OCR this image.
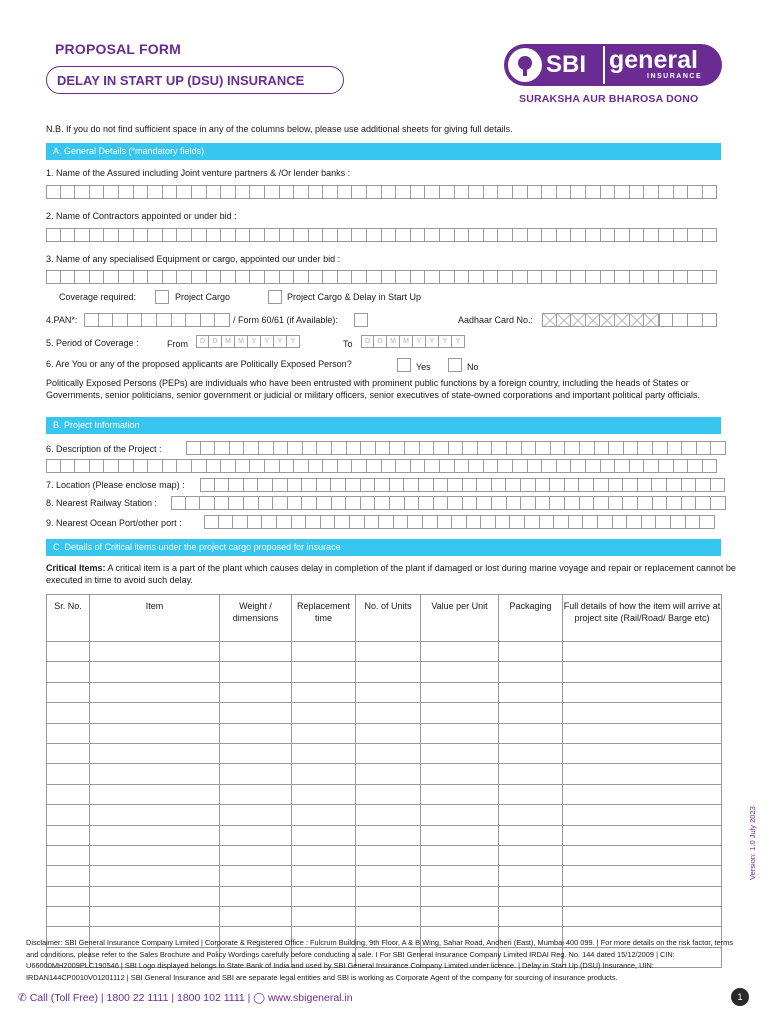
PROPOSAL FORM
DELAY IN START UP (DSU) INSURANCE
SBI general
INSURANCE
SURAKSHA AUR BHAROSA DONO
N.B. If you do not find sufficient space in any of the columns below, please use additional sheets for giving full details.
A. General Details (*mandatory fields)
1. Name of the Assured including Joint venture partners & /Or lender banks :
2. Name of Contractors appointed or under bid :
3. Name of any specialised Equipment or cargo, appointed our under bid :
Coverage required:	Project Cargo	Project Cargo & Delay in Start Up
4.PAN*:	/ Form 60/61 (if Available):	Aadhaar Card No.:
5. Period of Coverage :	From	D	D	M	M	Y	Y	Y	Y	To	D	D	M	M	Y	Y	Y	Y
6. Are You or any of the proposed applicants are Politically Exposed Person?	Yes	No
Politically Exposed Persons (PEPs) are individuals who have been entrusted with prominent public functions by a foreign country, including the heads of States or Governments, senior politicians, senior government or judicial or military officers, senior executives of state-owned corporations and important political party officials.
B. Project Information
6. Description of the Project :
7. Location (Please enclose map) :
8. Nearest Railway Station :
9. Nearest Ocean Port/other port :
C. Details of Critical items under the project cargo proposed for insurace
Critical Items: A critical item is a part of the plant which causes delay in completion of the plant if damaged or lost during marine voyage and repair or replacement cannot be executed in time to avoid such delay.
Sr. No.	Item	Weight / dimensions	Replacement time	No. of Units	Value per Unit	Packaging	Full details of how the item will arrive at project site (Rail/Road/ Barge etc)

Version: 1.0 July 2023
Disclaimer: SBI General Insurance Company Limited | Corporate & Registered Office : Fulcrum Building, 9th Floor, A & B Wing, Sahar Road, Andheri (East), Mumbai 400 099. | For more details on the risk factor, terms and conditions, please refer to the Sales Brochure and Policy Wordings carefully before conducting a sale. I For SBI General Insurance Company Limited IRDAI Reg. No. 144 dated 15/12/2009 | CIN: U66000MH2009PLC190546 | SBI Logo displayed belongs to State Bank of India and used by SBI General Insurance Company Limited under licence. | Delay in Start Up (DSU) Insurance, UIN: IRDAN144CP0010V01201112 | SBI General Insurance and SBI are separate legal entities and SBI is working as Corporate Agent of the company for sourcing of insurance products.
✆ Call (Toll Free) | 1800 22 1111 | 1800 102 1111 | ◯ www.sbigeneral.in	1
